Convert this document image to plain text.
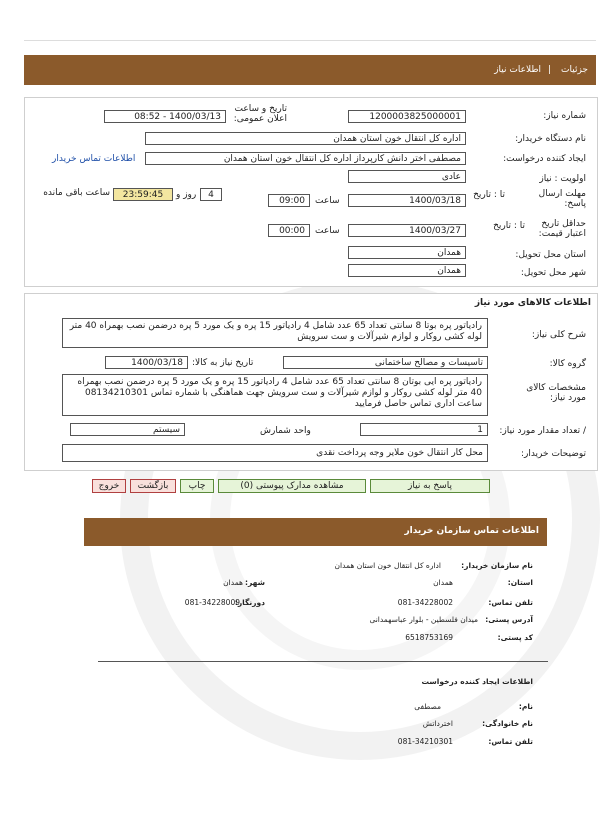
جزئیات
|
اطلاعات نیاز
شماره نیاز:
1200003825000001
تاریخ و ساعت اعلان عمومی:
1400/03/13 - 08:52
نام دستگاه خریدار:
اداره کل انتقال خون استان همدان
ایجاد کننده درخواست:
مصطفی اختر دانش کارپرداز اداره کل انتقال خون استان همدان
اطلاعات تماس خریدار
اولویت : نیاز
عادی
مهلت ارسال پاسخ:
تا : تاریخ
1400/03/18
ساعت
09:00
4
روز و
23:59:45
ساعت باقی مانده
حداقل تاریخ اعتبار قیمت:
تا : تاریخ
1400/03/27
ساعت
00:00
استان محل تحویل:
همدان
شهر محل تحویل:
همدان
اطلاعات کالاهای مورد نیاز
شرح کلی نیاز:
رادیاتور پره بوتا 8 سانتی تعداد 65 عدد شامل 4 رادیاتور 15 پره و یک مورد 5 پره درضمن نصب بهمراه 40 متر لوله کشی روکار و لوازم شیرآلات و ست سرویش
گروه کالا:
تاسیسات و مصالح ساختمانی
تاریخ نیاز به کالا:
1400/03/18
مشخصات کالای مورد نیاز:
رادیاتور پره ایی بوتان 8 سانتی تعداد 65 عدد شامل 4 رادیاتور 15 پره و یک مورد 5 پره درضمن نصب بهمراه 40 متر لوله کشی روکار و لوازم شیرآلات و ست سرویش جهت هماهنگی با شماره تماس 08134210301 ساعت اداری تماس حاصل فرمایید
/ تعداد مقدار مورد نیاز:
1
واحد شمارش
سیستم
توضیحات خریدار:
محل کار انتقال خون ملایر وجه پرداخت نقدی
پاسخ به نیاز
مشاهده مدارک پیوستی (0)
چاپ
بازگشت
خروج
اطلاعات تماس سازمان خریدار
نام سازمان خریدار:
اداره کل انتقال خون استان همدان
استان:
همدان
شهر:
همدان
تلفن تماس:
081-34228002
دورنگار:
081-34228009
آدرس پستی:
میدان فلسطین - بلوار عباسهمدانی
کد پستی:
6518753169
اطلاعات ایجاد کننده درخواست
نام:
مصطفی
نام خانوادگی:
اخترداتش
تلفن تماس:
081-34210301
